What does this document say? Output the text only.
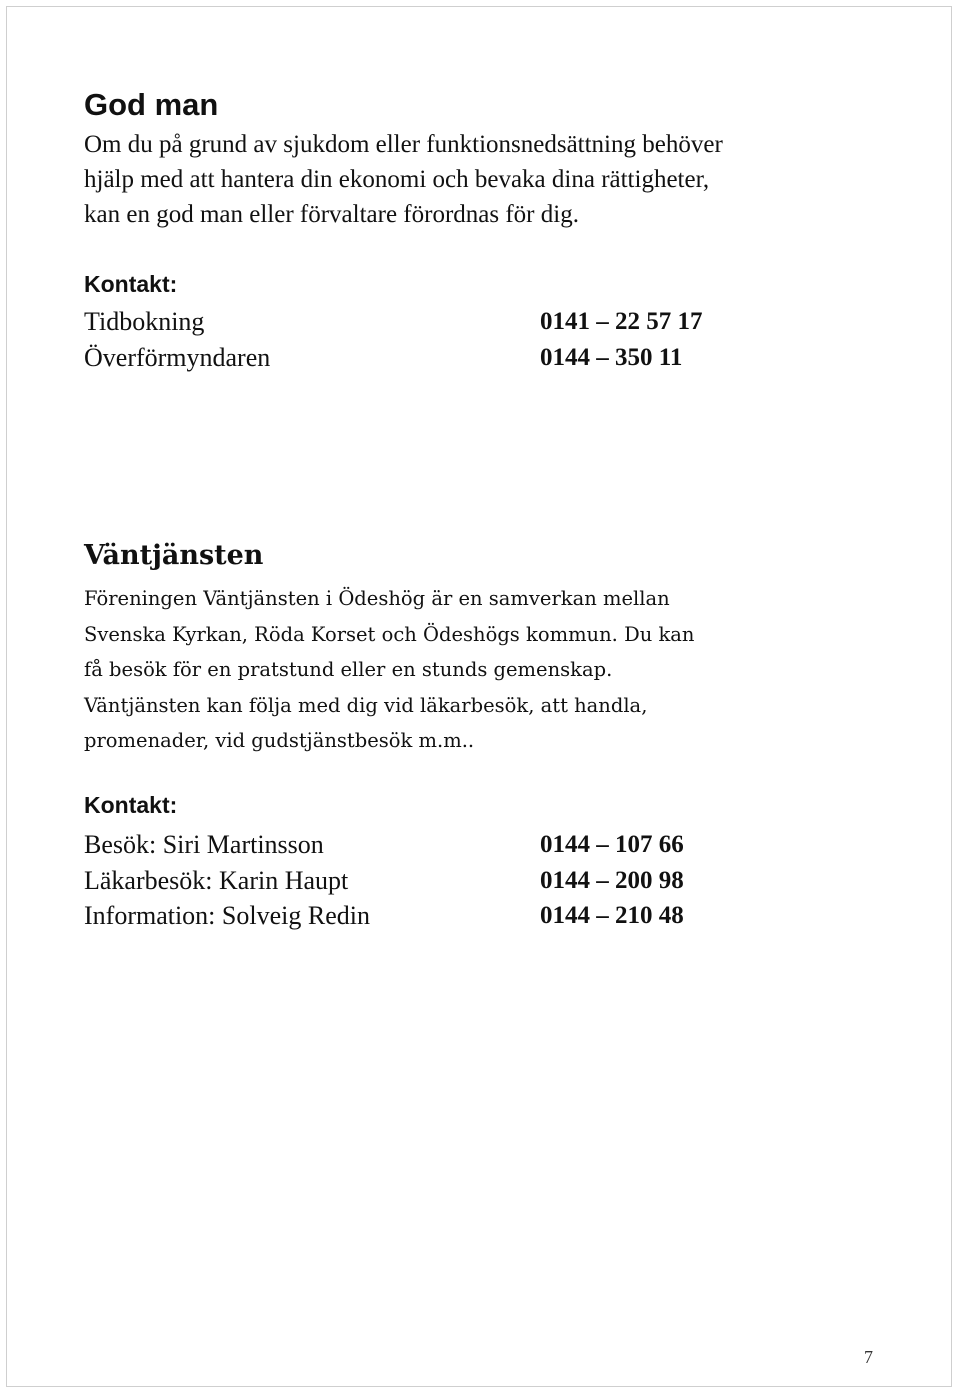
God man
Om du på grund av sjukdom eller funktionsnedsättning behöver
hjälp med att hantera din ekonomi och bevaka dina rättigheter,
kan en god man eller förvaltare förordnas för dig.
Kontakt:
Tidbokning	0141 – 22 57 17
Överförmyndaren	0144 – 350 11
Väntjänsten
Föreningen Väntjänsten i Ödeshög är en samverkan mellan
Svenska Kyrkan, Röda Korset och Ödeshögs kommun. Du kan
få besök för en pratstund eller en stunds gemenskap.
Väntjänsten kan följa med dig vid läkarbesök, att handla,
promenader, vid gudstjänstbesök m.m..
Kontakt:
Besök: Siri Martinsson	0144 – 107 66
Läkarbesök: Karin Haupt	0144 – 200 98
Information: Solveig Redin	0144 – 210 48
7
